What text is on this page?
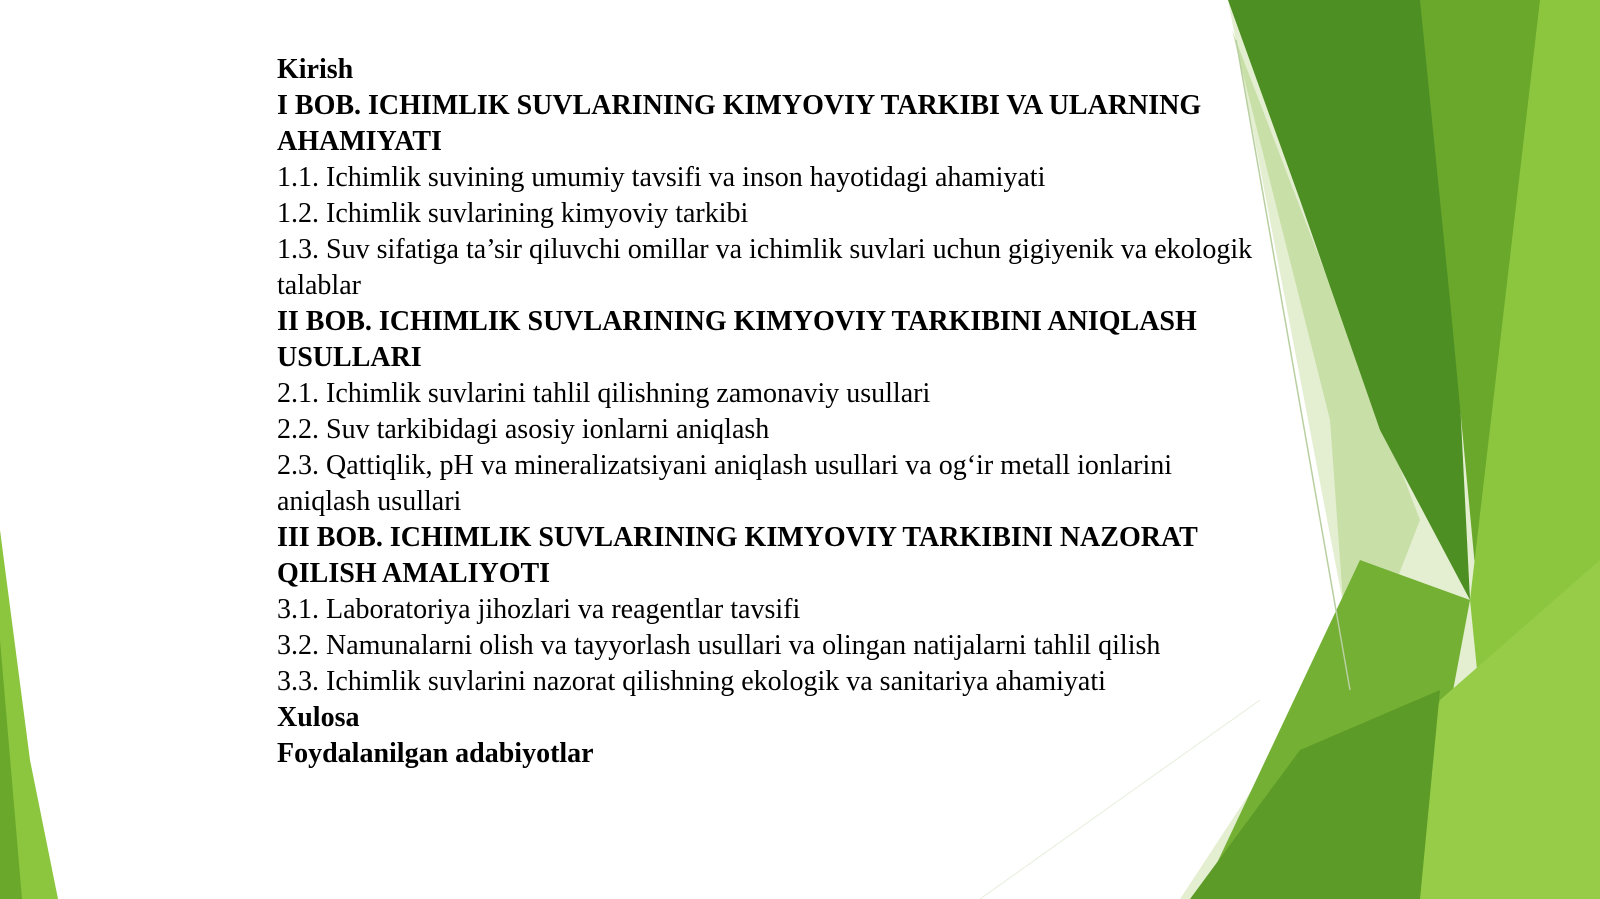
Kirish

I BOB. ICHIMLIK SUVLARINING KIMYOVIY TARKIBI VA ULARNING AHAMIYATI

1.1. Ichimlik suvining umumiy tavsifi va inson hayotidagi ahamiyati

1.2. Ichimlik suvlarining kimyoviy tarkibi

1.3. Suv sifatiga ta’sir qiluvchi omillar va ichimlik suvlari uchun gigiyenik va ekologik talablar

II BOB. ICHIMLIK SUVLARINING KIMYOVIY TARKIBINI ANIQLASH USULLARI

2.1. Ichimlik suvlarini tahlil qilishning zamonaviy usullari

2.2. Suv tarkibidagi asosiy ionlarni aniqlash

2.3. Qattiqlik, pH va mineralizatsiyani aniqlash usullari va og‘ir metall ionlarini aniqlash usullari

III BOB. ICHIMLIK SUVLARINING KIMYOVIY TARKIBINI NAZORAT QILISH AMALIYOTI

3.1. Laboratoriya jihozlari va reagentlar tavsifi

3.2. Namunalarni olish va tayyorlash usullari va olingan natijalarni tahlil qilish

3.3. Ichimlik suvlarini nazorat qilishning ekologik va sanitariya ahamiyati

Xulosa

Foydalanilgan adabiyotlar
